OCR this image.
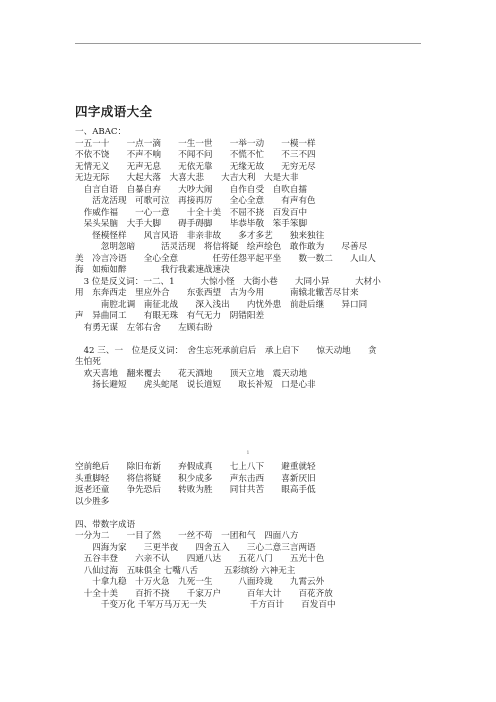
四字成语大全
一、ABAC：
一五一十　　一点一滴　　一生一世　　一举一动　　一模一样
不依不饶　　不声不响　　不闻不问　　不慌不忙　　不三不四
无情无义　　无声无息　　无依无靠　　无缘无故　　无穷无尽
无边无际　　大起大落　大喜大悲　　大吉大利　大是大非
　自言自语　自暴自弃　　大吵大闹　　自作自受　自吹自擂
　　活龙活现　可歌可泣　再接再厉　　全心全意　　有声有色
　作威作福　　一心一意　　十全十美　不屈不挠　百发百中
　呆头呆脑　大手大脚　　碍手碍脚　　毕恭毕敬　笨手笨脚
　　怪模怪样　　风言风语　非亲非故　　多才多艺　　独来独往
　　　忽明忽暗　　　活灵活现　将信将疑　绘声绘色　敢作敢为　　尽善尽
美　冷言冷语　　全心全意　　　　任劳任怨平起平坐　　数一数二　　人山人
海　如痴如醉　　　　我行我素速战速决
　3 位是反义词：一二、1　　　大惊小怪　大街小巷　　大同小异　　　大材小
用　东奔西走　里应外合　　东张西望　古为今用　　　南辕北辙苦尽甘来
　　　南腔北调　南征北战　　深入浅出　　内忧外患　前赴后继　　异口同
声　异曲同工　　有眼无珠　有气无力　阴错阳差
　有勇无谋　左邻右舍　　左顾右盼
　42 三、一　位是反义词：　舍生忘死承前启后　承上启下　　惊天动地　　贪
生怕死
　欢天喜地　翻来覆去　　花天酒地　　顶天立地　震天动地
　　扬长避短　　虎头蛇尾　说长道短　　取长补短　口是心非
1
空前绝后　　除旧布新　　弃假成真　　七上八下　　避重就轻
头重脚轻　　将信将疑　　积少成多　　声东击西　　喜新厌旧
返老还童　　争先恐后　　转败为胜　　同甘共苦　　眼高手低
以少胜多
四、带数字成语
一分为二　　一目了然　　一丝不苟　一团和气　四面八方
　　四海为家　　三更半夜　　四舍五入　　三心二意三言两语
　五谷丰登　　六亲不认　　四通八达　　五花八门　　五光十色
　八仙过海　五味俱全 七嘴八舌　　　五彩缤纷 六神无主
　　十拿九稳　十万火急　九死一生　　　八面玲珑　　九霄云外
　十全十美　　百折不挠　　千家万户　　　百年大计　　百花齐放
　　　千变万化 千军万马万无一失　　　　　千方百计　　百发百中
